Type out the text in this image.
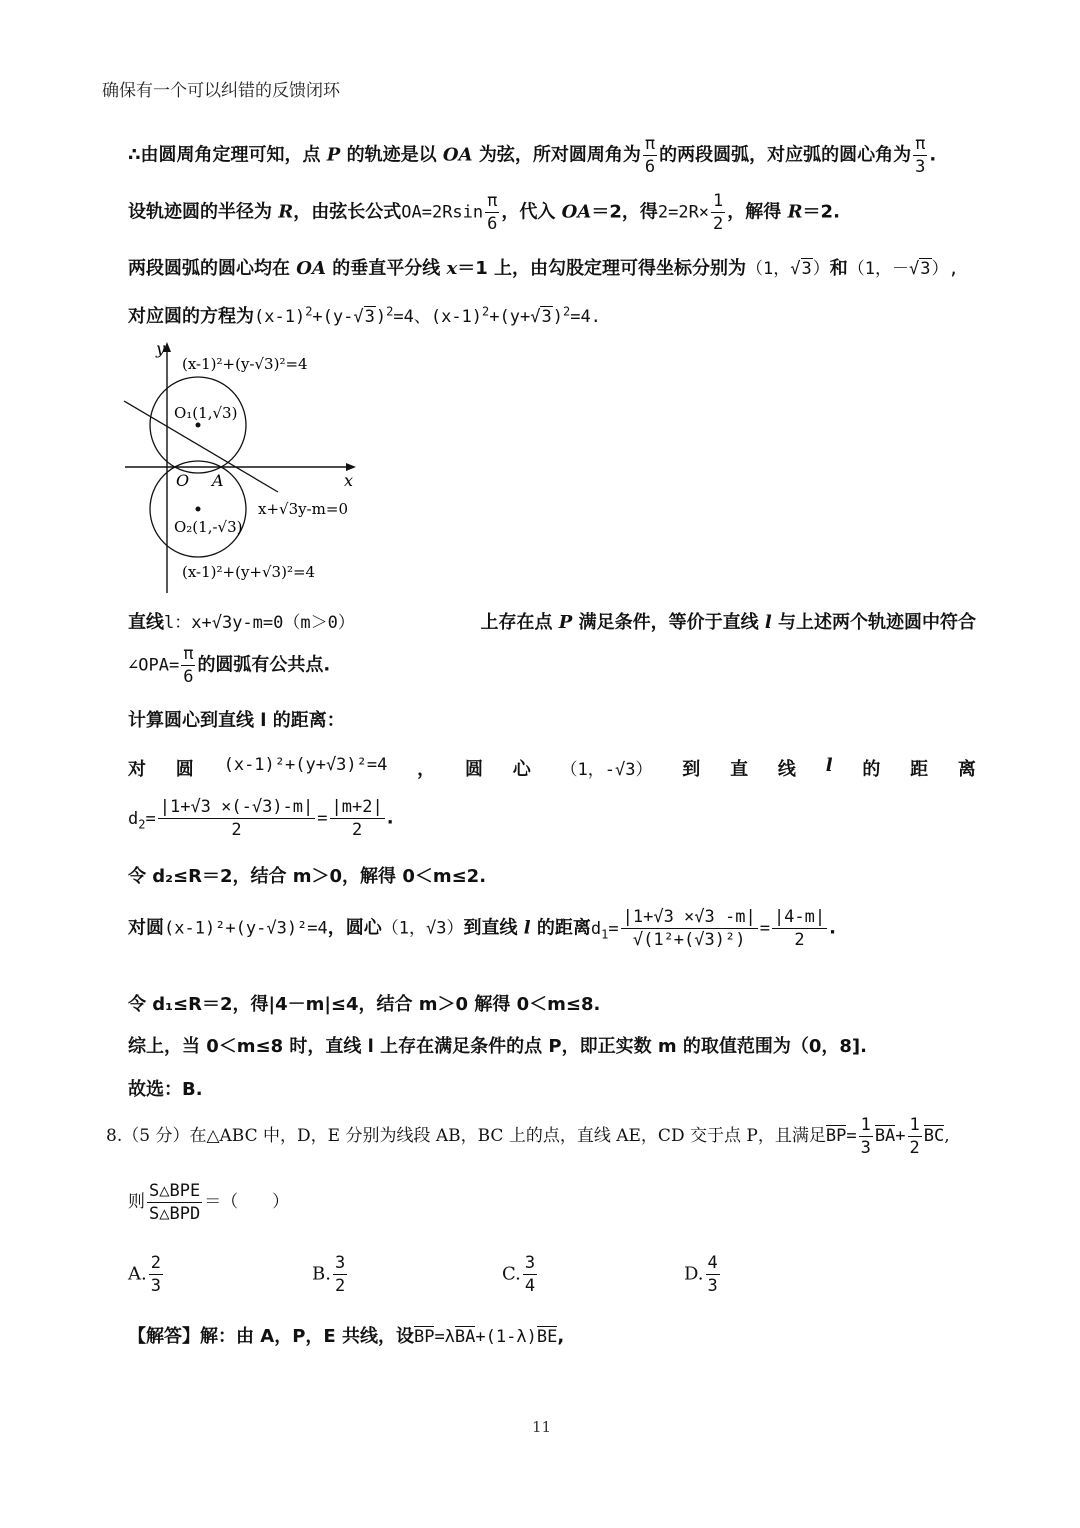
确保有一个可以纠错的反馈闭环
∴由圆周角定理可知，点 P 的轨迹是以 OA 为弦，所对圆周角为 $\frac{\pi}{6}$ 的两段圆弧，对应弧的圆心角为 $\frac{\pi}{3}$ .
设轨迹圆的半径为 R，由弦长公式$OA=2Rsin \frac{\pi}{6}$ ，代入 OA＝2，得$2=2R\times \frac{1}{2}$ ，解得 R＝2.
两段圆弧的圆心均在 OA 的垂直平分线 x＝1 上，由勾股定理可得坐标分别为（1，√3）和（1，－√3）,
对应圆的方程为$(x-1)^2+(y-√3)^2=4$、$(x-1)^2+(y+√3)^2=4$.
y
x
O A
(x-1)²+(y-√3)²=4
O₁(1,√3)
O₂(1,-√3)
x+√3y-m=0
(x-1)²+(y+√3)²=4
直线l：x+√3y-m=0（m＞0）	上存在点 P 满足条件，等价于直线 l 与上述两个轨迹圆中符合
∠OPA= $\frac{\pi}{6}$ 的圆弧有公共点.
计算圆心到直线 l 的距离：
对 圆 (x-1)²+(y+√3)²=4 ， 圆 心 （1，-√3） 到 直 线 l 的 距 离
$d_2= \frac{|1+√3 \times(-√3)-m|}{2} = \frac{|m+2|}{2}$ .
令 d₂≤R＝2，结合 m＞0，解得 0＜m≤2.
对圆(x-1)²+(y-√3)²=4，圆心（1，√3）到直线 l 的距离$d_1= \frac{|1+√3 \times√3 -m|}{\text{√(1²+(√3)²)}} = \frac{|4-m|}{2}$ .
令 d₁≤R＝2，得|4－m|≤4，结合 m＞0 解得 0＜m≤8.
综上，当 0＜m≤8 时，直线 l 上存在满足条件的点 P，即正实数 m 的取值范围为（0，8].
故选：B.
8.（5 分）在△ABC 中，D，E 分别为线段 AB，BC 上的点，直线 AE，CD 交于点 P，且满足$BP= \frac{1}{3} BA+ \frac{1}{2}$ BC,
则 $\frac{\text{S△BPE}}{\text{S△BPD}}$ ＝（　　）
A. $\frac{2}{3}$	B. $\frac{3}{2}$	C. $\frac{3}{4}$	D. $\frac{4}{3}$
【解答】解：由 A，P，E 共线，设BP=λBA+(1-λ)BE,
11
